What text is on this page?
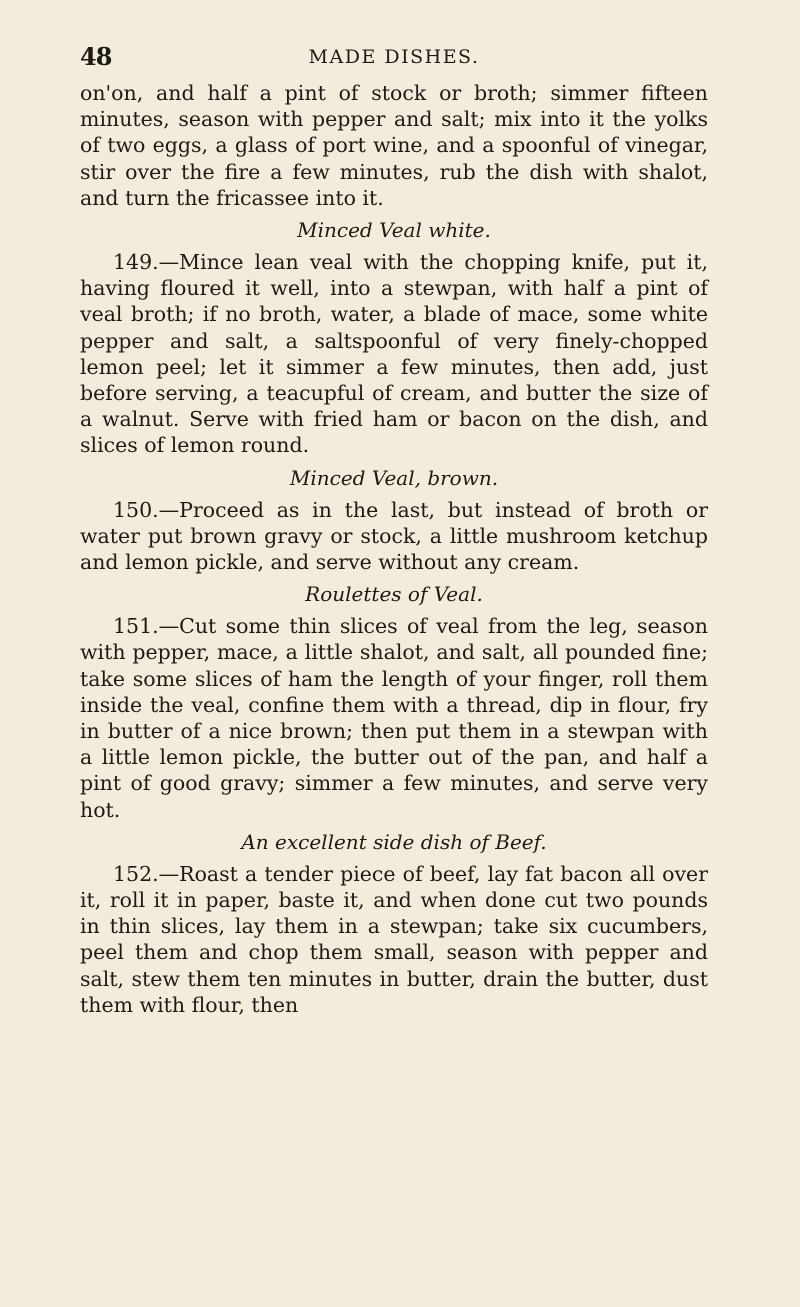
48	MADE DISHES.

on'on, and half a pint of stock or broth; simmer fifteen minutes, season with pepper and salt; mix into it the yolks of two eggs, a glass of port wine, and a spoonful of vinegar, stir over the fire a few minutes, rub the dish with shalot, and turn the fricassee into it.

Minced Veal white.

149.—Mince lean veal with the chopping knife, put it, having floured it well, into a stewpan, with half a pint of veal broth; if no broth, water, a blade of mace, some white pepper and salt, a saltspoonful of very finely-chopped lemon peel; let it simmer a few minutes, then add, just before serving, a teacupful of cream, and butter the size of a walnut. Serve with fried ham or bacon on the dish, and slices of lemon round.

Minced Veal, brown.

150.—Proceed as in the last, but instead of broth or water put brown gravy or stock, a little mushroom ketchup and lemon pickle, and serve without any cream.

Roulettes of Veal.

151.—Cut some thin slices of veal from the leg, season with pepper, mace, a little shalot, and salt, all pounded fine; take some slices of ham the length of your finger, roll them inside the veal, confine them with a thread, dip in flour, fry in butter of a nice brown; then put them in a stewpan with a little lemon pickle, the butter out of the pan, and half a pint of good gravy; simmer a few minutes, and serve very hot.

An excellent side dish of Beef.

152.—Roast a tender piece of beef, lay fat bacon all over it, roll it in paper, baste it, and when done cut two pounds in thin slices, lay them in a stewpan; take six cucumbers, peel them and chop them small, season with pepper and salt, stew them ten minutes in butter, drain the butter, dust them with flour, then
